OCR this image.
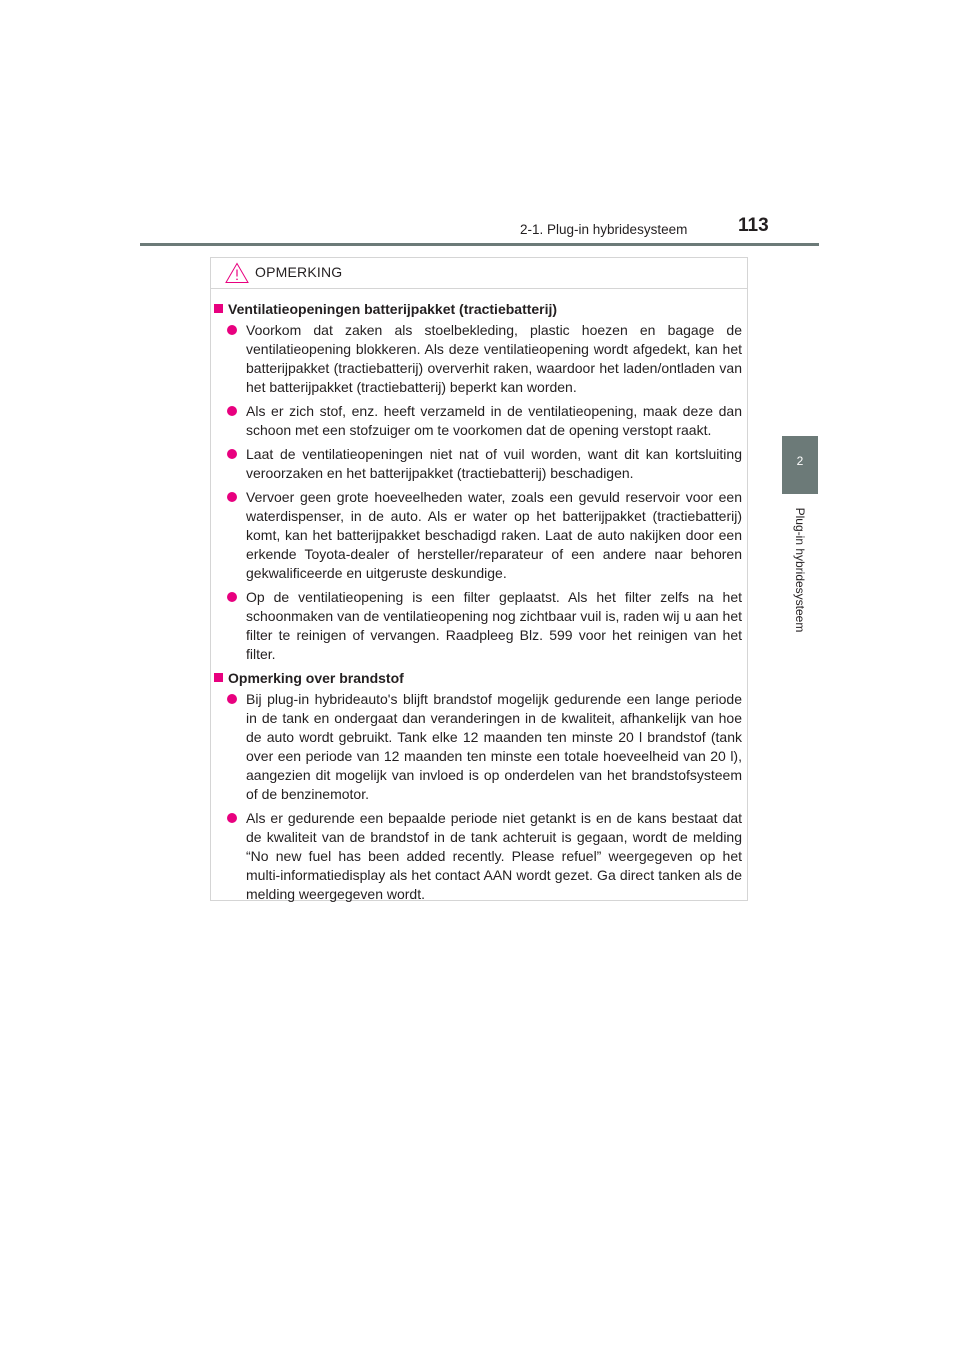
2-1. Plug-in hybridesysteem	113
2
Plug-in hybridesysteem
OPMERKING
Ventilatieopeningen batterijpakket (tractiebatterij)
Voorkom dat zaken als stoelbekleding, plastic hoezen en bagage de ventilatieopening blokkeren. Als deze ventilatieopening wordt afgedekt, kan het batterijpakket (tractiebatterij) oververhit raken, waardoor het laden/ontladen van het batterijpakket (tractiebatterij) beperkt kan worden.
Als er zich stof, enz. heeft verzameld in de ventilatieopening, maak deze dan schoon met een stofzuiger om te voorkomen dat de opening verstopt raakt.
Laat de ventilatieopeningen niet nat of vuil worden, want dit kan kortsluiting veroorzaken en het batterijpakket (tractiebatterij) beschadigen.
Vervoer geen grote hoeveelheden water, zoals een gevuld reservoir voor een waterdispenser, in de auto. Als er water op het batterijpakket (tractiebatterij) komt, kan het batterijpakket beschadigd raken. Laat de auto nakijken door een erkende Toyota-dealer of hersteller/reparateur of een andere naar behoren gekwalificeerde en uitgeruste deskundige.
Op de ventilatieopening is een filter geplaatst. Als het filter zelfs na het schoonmaken van de ventilatieopening nog zichtbaar vuil is, raden wij u aan het filter te reinigen of vervangen. Raadpleeg Blz. 599 voor het reinigen van het filter.
Opmerking over brandstof
Bij plug-in hybrideauto's blijft brandstof mogelijk gedurende een lange periode in de tank en ondergaat dan veranderingen in de kwaliteit, afhankelijk van hoe de auto wordt gebruikt. Tank elke 12 maanden ten minste 20 l brandstof (tank over een periode van 12 maanden ten minste een totale hoeveelheid van 20 l), aangezien dit mogelijk van invloed is op onderdelen van het brandstofsysteem of de benzinemotor.
Als er gedurende een bepaalde periode niet getankt is en de kans bestaat dat de kwaliteit van de brandstof in de tank achteruit is gegaan, wordt de melding “No new fuel has been added recently. Please refuel” weergegeven op het multi-informatiedisplay als het contact AAN wordt gezet. Ga direct tanken als de melding weergegeven wordt.
